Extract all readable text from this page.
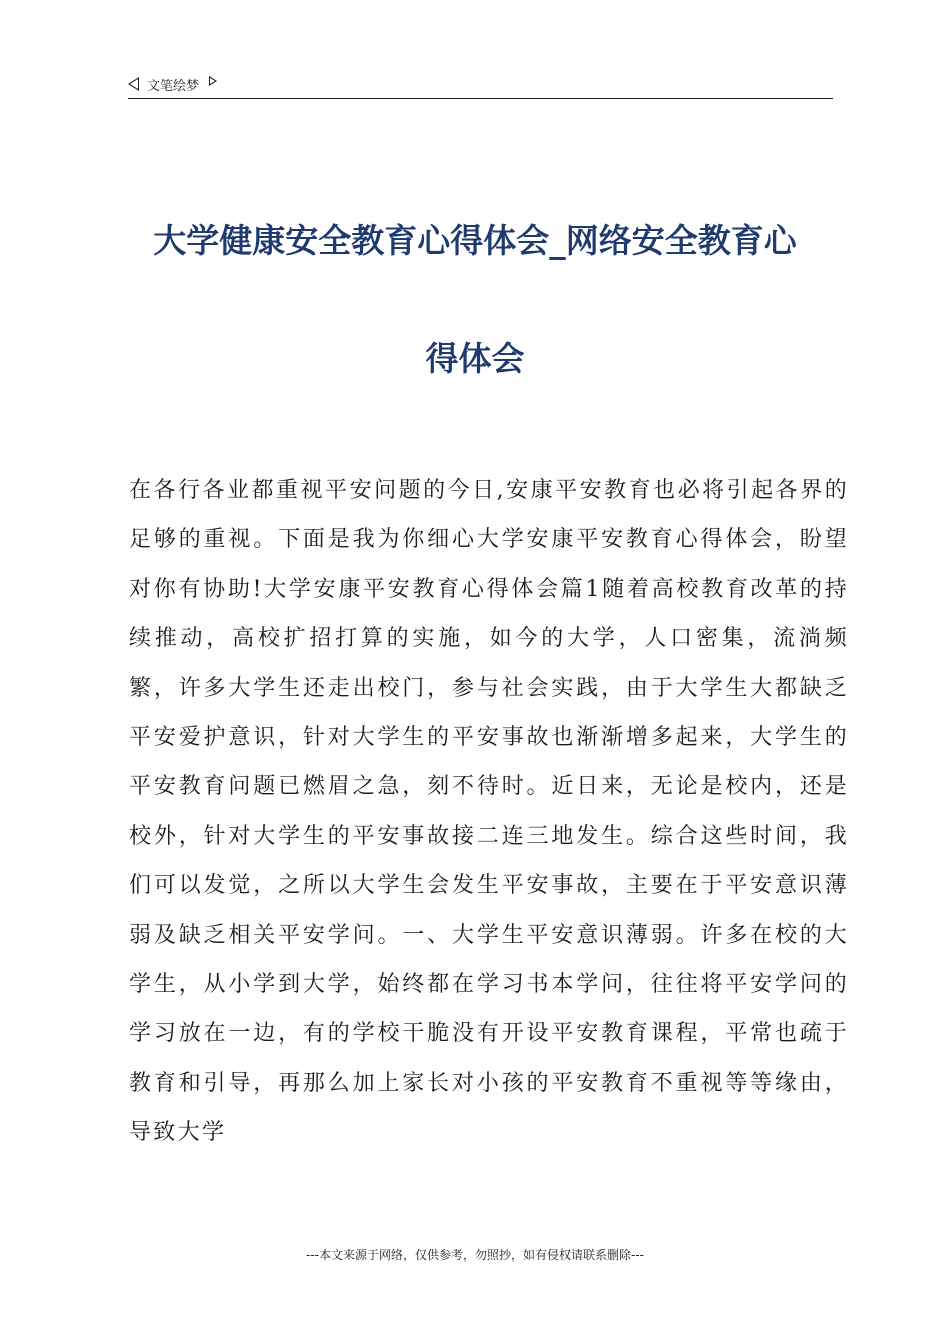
文笔绘梦
大学健康安全教育心得体会_网络安全教育心
得体会

在各行各业都重视平安问题的今日,安康平安教育也必将引起各界的足够的重视。下面是我为你细心大学安康平安教育心得体会，盼望对你有协助!大学安康平安教育心得体会篇1随着高校教育改革的持续推动，高校扩招打算的实施，如今的大学，人口密集，流淌频繁，许多大学生还走出校门，参与社会实践，由于大学生大都缺乏平安爱护意识，针对大学生的平安事故也渐渐增多起来，大学生的平安教育问题已燃眉之急，刻不待时。近日来，无论是校内，还是校外，针对大学生的平安事故接二连三地发生。综合这些时间，我们可以发觉，之所以大学生会发生平安事故，主要在于平安意识薄弱及缺乏相关平安学问。一、大学生平安意识薄弱。许多在校的大学生，从小学到大学，始终都在学习书本学问，往往将平安学问的学习放在一边，有的学校干脆没有开设平安教育课程，平常也疏于教育和引导，再那么加上家长对小孩的平安教育不重视等等缘由，导致大学

---本文来源于网络，仅供参考，勿照抄，如有侵权请联系删除---
